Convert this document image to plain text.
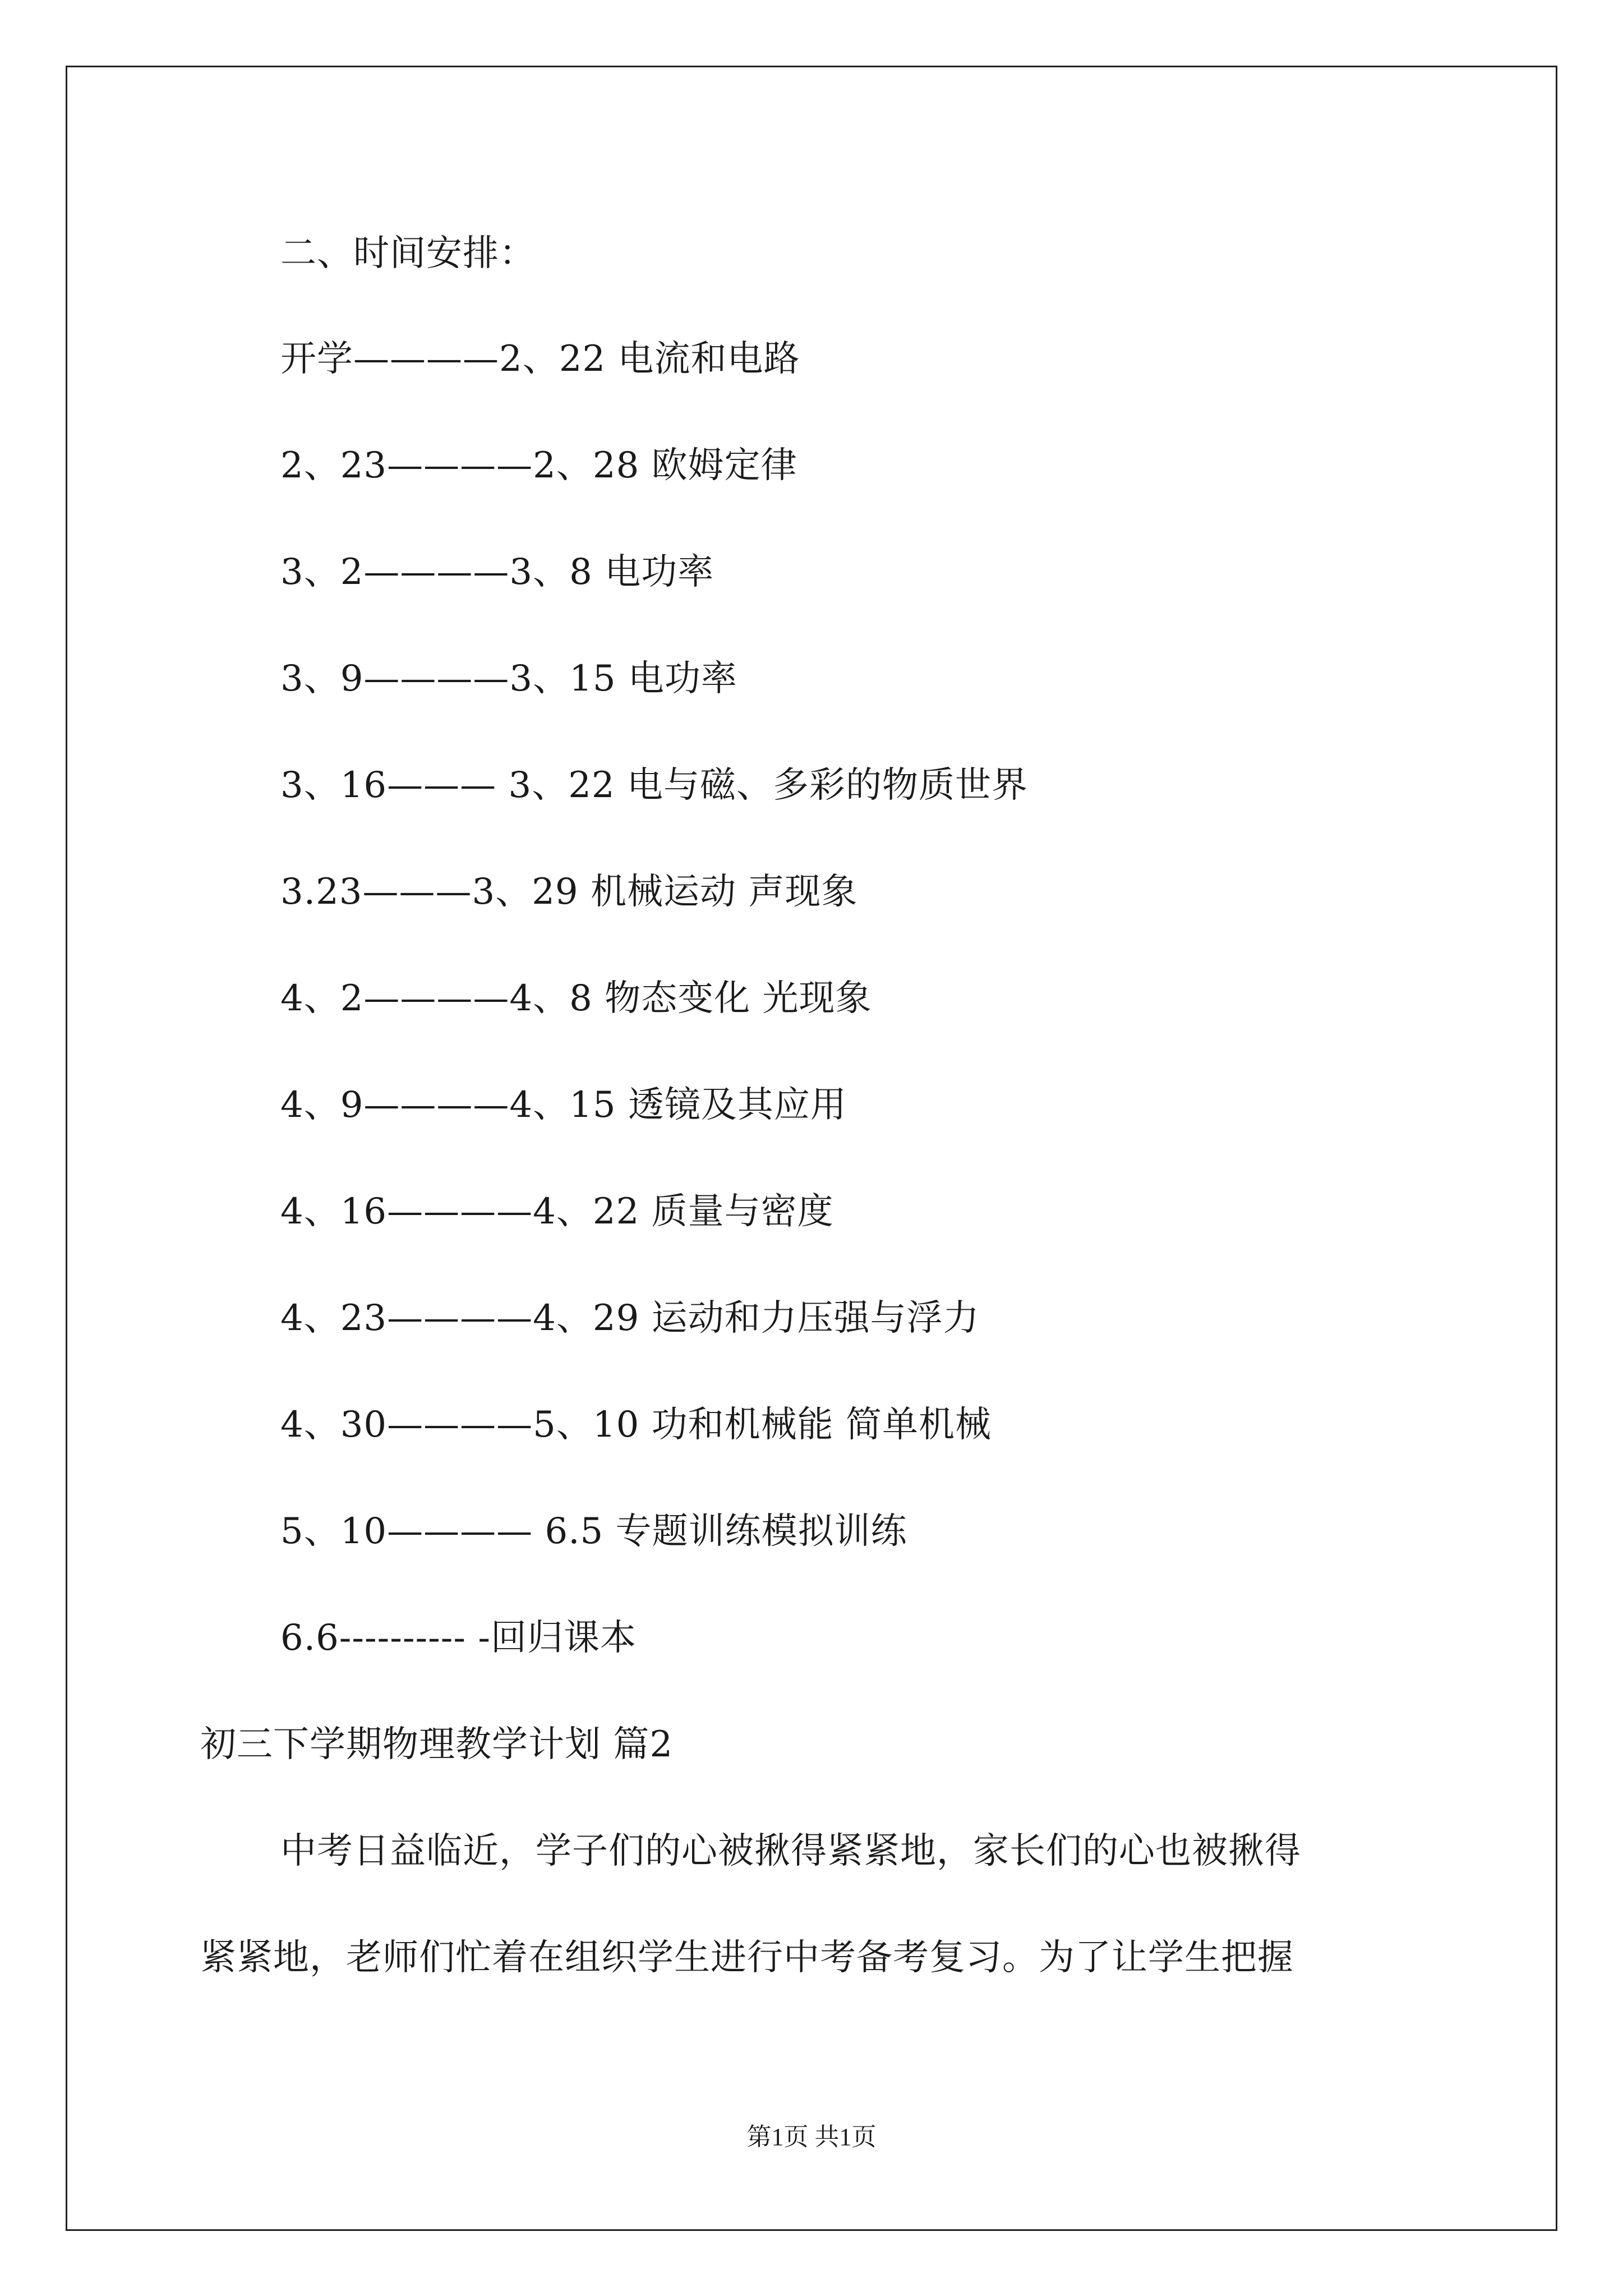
二、时间安排：
开学————2、22 电流和电路
2、23————2、28 欧姆定律
3、2————3、8 电功率
3、9————3、15 电功率
3、16——— 3、22 电与磁、多彩的物质世界
3.23———3、29 机械运动 声现象
4、2————4、8 物态变化 光现象
4、9————4、15 透镜及其应用
4、16————4、22 质量与密度
4、23————4、29 运动和力压强与浮力
4、30————5、10 功和机械能 简单机械
5、10———— 6.5 专题训练模拟训练
6.6---------- -回归课本
初三下学期物理教学计划 篇2
中考日益临近，学子们的心被揪得紧紧地，家长们的心也被揪得
紧紧地，老师们忙着在组织学生进行中考备考复习。为了让学生把握
第1页 共1页
